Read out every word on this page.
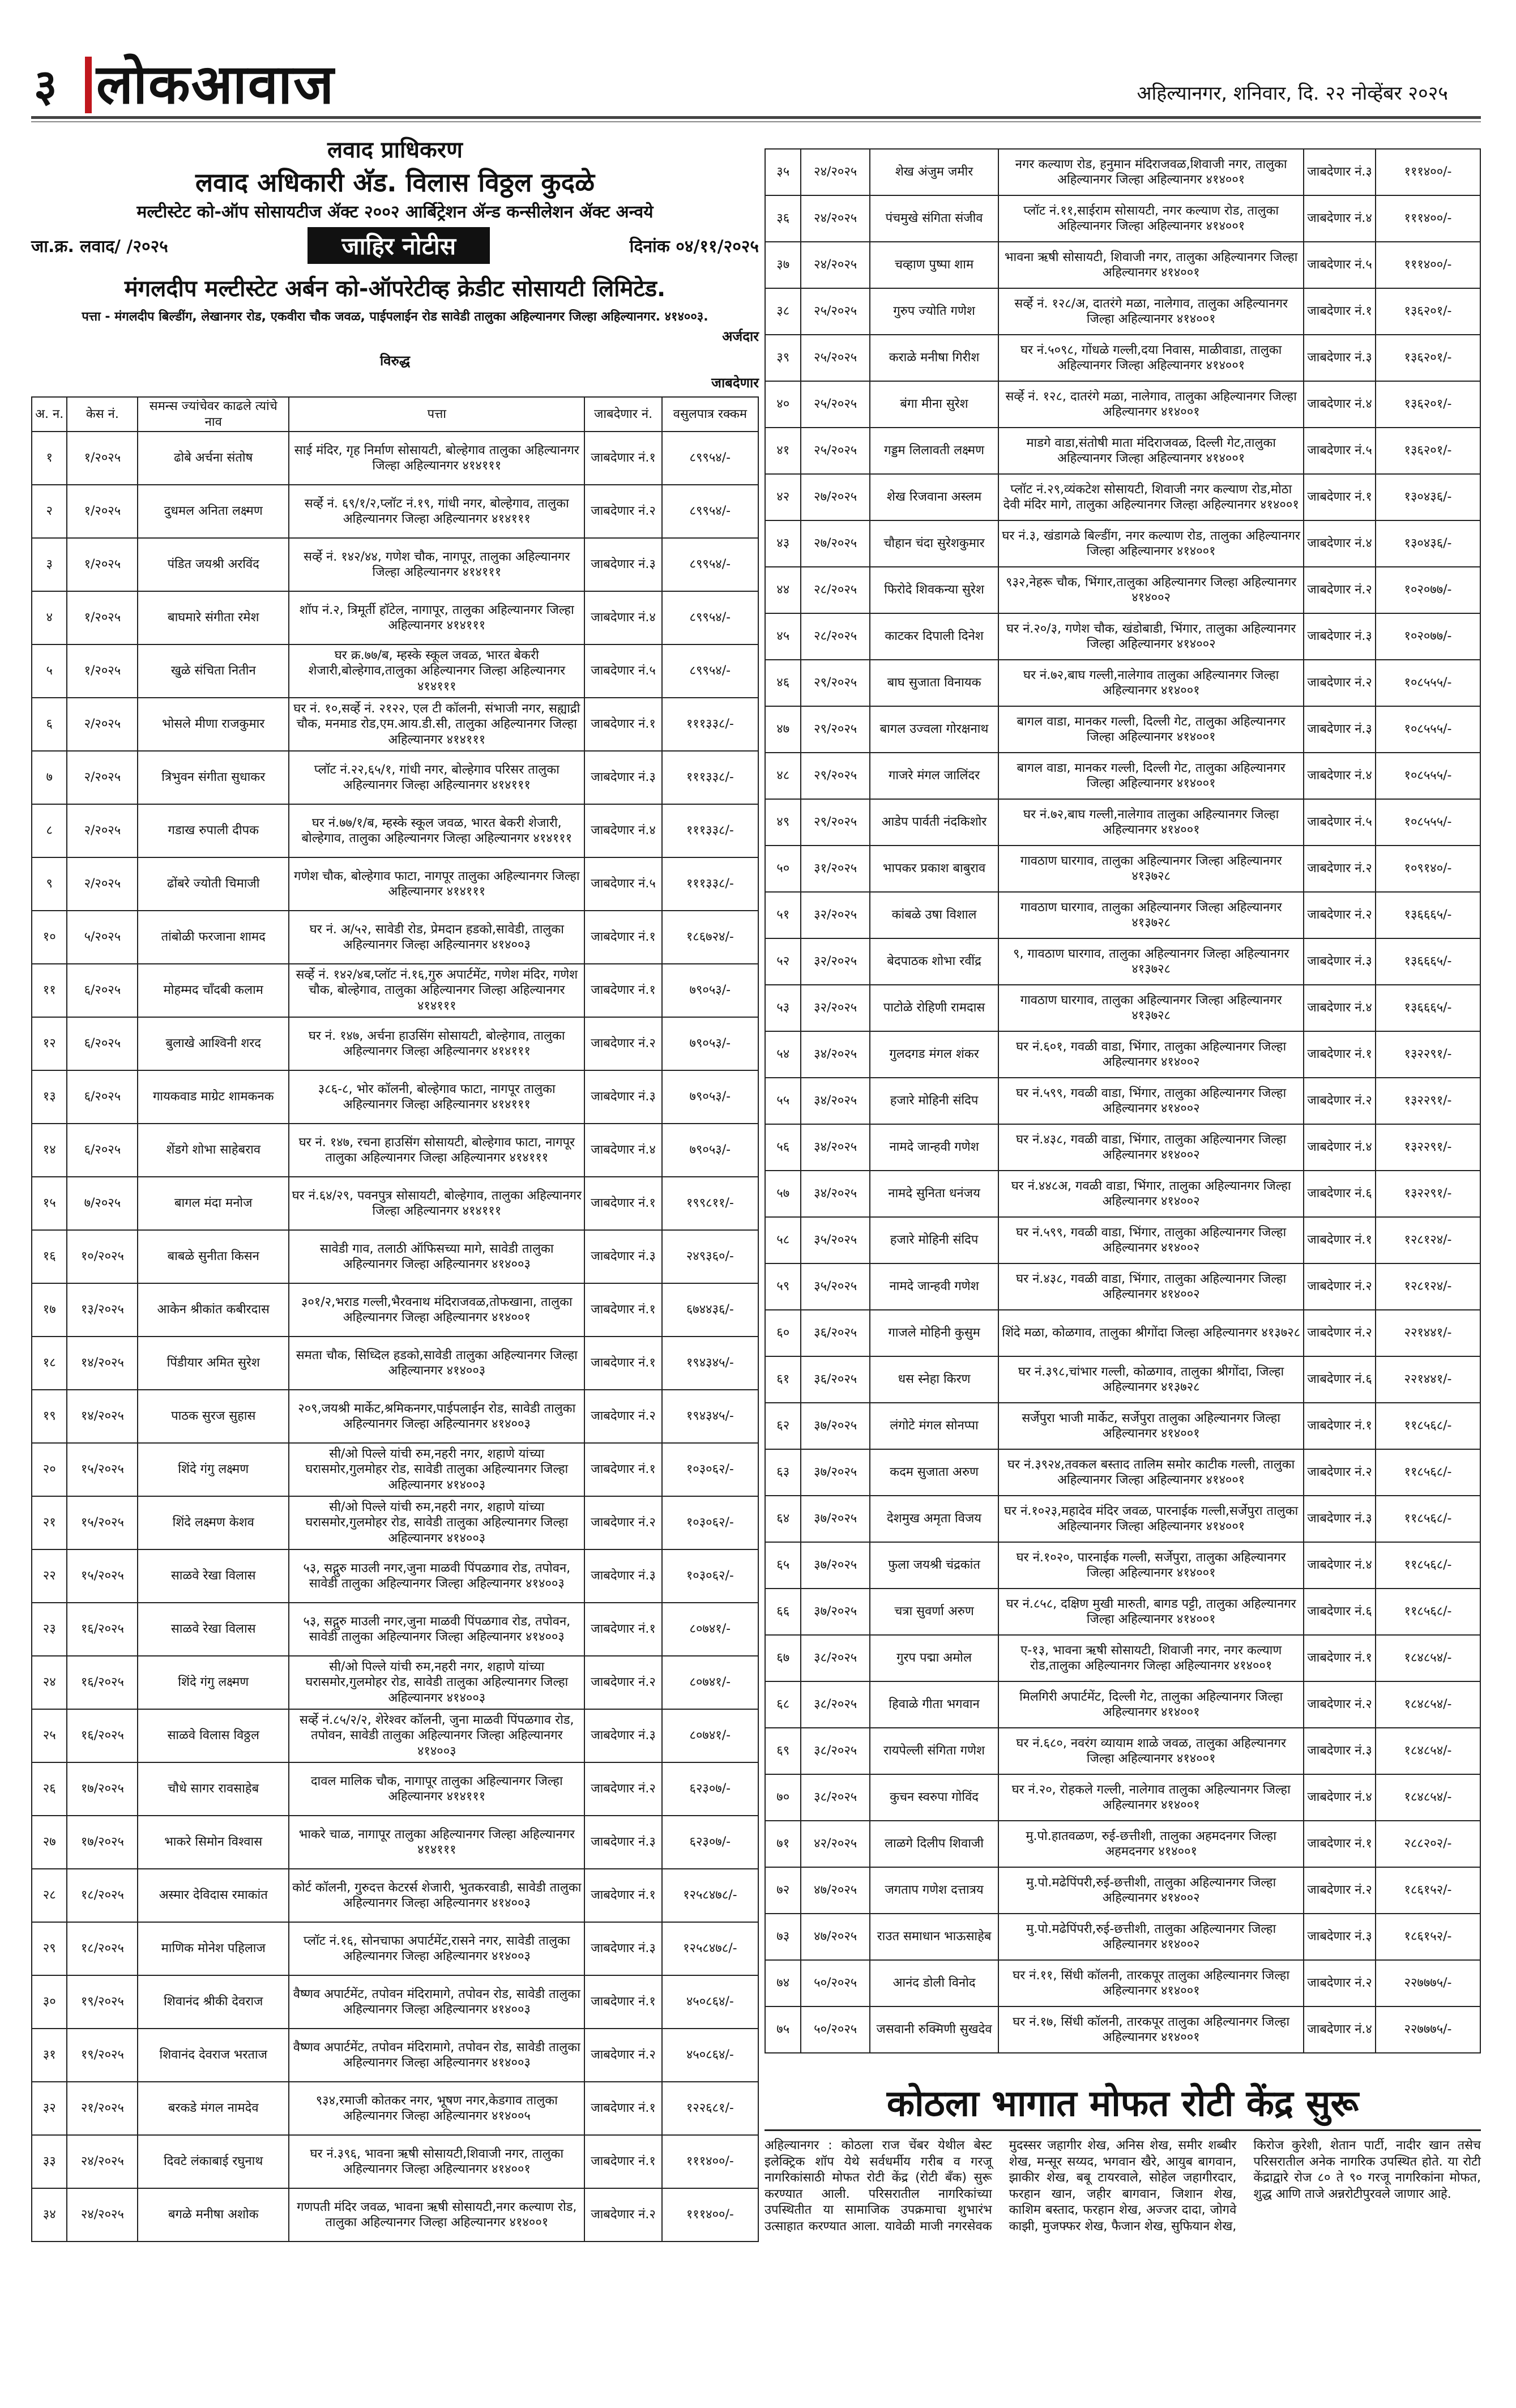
३ लोकआवाज	अहिल्यानगर, शनिवार, दि. २२ नोव्हेंबर २०२५
लवाद प्राधिकरण
लवाद अधिकारी अ‍ॅड. विलास विठ्ठल कुदळे
मल्टीस्टेट को-ऑप सोसायटीज ॲक्ट २००२ आर्बिट्रेशन ॲन्ड कन्सीलेशन ॲक्ट अन्वये
जा.क्र. लवाद/ /२०२५	जाहिर नोटीस	दिनांक ०४/११/२०२५
मंगलदीप मल्टीस्टेट अर्बन को-ऑपरेटीव्ह क्रेडीट सोसायटी लिमिटेड.
पत्ता - मंगलदीप बिल्डींग, लेखानगर रोड, एकवीरा चौक जवळ, पाईपलाईन रोड सावेडी तालुका अहिल्यानगर जिल्हा अहिल्यानगर. ४१४००३.
अर्जदार
विरुद्ध
जाबदेणार
अ. न.	केस नं.	समन्स ज्यांचेवर काढले त्यांचे नाव	पत्ता	जाबदेणार नं.	वसुलपात्र रक्कम
१	१/२०२५	ढोबे अर्चना संतोष	साई मंदिर, गृह निर्माण सोसायटी, बोल्हेगाव तालुका अहिल्यानगर जिल्हा अहिल्यानगर ४१४१११	जाबदेणार नं.१	८९९५४/-
२	१/२०२५	दुधमल अनिता लक्ष्मण	सर्व्हे नं. ६९/१/२,प्लॉट नं.१९, गांधी नगर, बोल्हेगाव, तालुका अहिल्यानगर जिल्हा अहिल्यानगर ४१४१११	जाबदेणार नं.२	८९९५४/-
३	१/२०२५	पंडित जयश्री अरविंद	सर्व्हे नं. १४२/४४, गणेश चौक, नागपूर, तालुका अहिल्यानगर जिल्हा अहिल्यानगर ४१४१११	जाबदेणार नं.३	८९९५४/-
४	१/२०२५	बाघमारे संगीता रमेश	शॉप नं.२, त्रिमूर्ती हॉटेल, नागापूर, तालुका अहिल्यानगर जिल्हा अहिल्यानगर ४१४१११	जाबदेणार नं.४	८९९५४/-
५	१/२०२५	खुळे संचिता नितीन	घर क्र.७७/ब, म्हस्के स्कूल जवळ, भारत बेकरी शेजारी,बोल्हेगाव,तालुका अहिल्यानगर जिल्हा अहिल्यानगर ४१४१११	जाबदेणार नं.५	८९९५४/-
६	२/२०२५	भोसले मीणा राजकुमार	घर नं. १०,सर्व्हे नं. २१२२, एल टी कॉलनी, संभाजी नगर, सह्याद्री चौक, मनमाड रोड,एम.आय.डी.सी, तालुका अहिल्यानगर जिल्हा अहिल्यानगर ४१४१११	जाबदेणार नं.१	१११३३८/-
७	२/२०२५	त्रिभुवन संगीता सुधाकर	प्लॉट नं.२२,६५/१, गांधी नगर, बोल्हेगाव परिसर तालुका अहिल्यानगर जिल्हा अहिल्यानगर ४१४१११	जाबदेणार नं.३	१११३३८/-
८	२/२०२५	गडाख रुपाली दीपक	घर नं.७७/१/ब, म्हस्के स्कूल जवळ, भारत बेकरी शेजारी, बोल्हेगाव, तालुका अहिल्यानगर जिल्हा अहिल्यानगर ४१४१११	जाबदेणार नं.४	१११३३८/-
९	२/२०२५	ढोंबरे ज्योती चिमाजी	गणेश चौक, बोल्हेगाव फाटा, नागपूर तालुका अहिल्यानगर जिल्हा अहिल्यानगर ४१४१११	जाबदेणार नं.५	१११३३८/-
१०	५/२०२५	तांबोळी फरजाना शामद	घर नं. अ/५२, सावेडी रोड, प्रेमदान हडको,सावेडी, तालुका अहिल्यानगर जिल्हा अहिल्यानगर ४१४००३	जाबदेणार नं.१	१८६७२४/-
११	६/२०२५	मोहम्मद चाँदबी कलाम	सर्व्हे नं. १४२/४ब,प्लॉट नं.१६,गुरु अपार्टमेंट, गणेश मंदिर, गणेश चौक, बोल्हेगाव, तालुका अहिल्यानगर जिल्हा अहिल्यानगर ४१४१११	जाबदेणार नं.१	७९०५३/-
१२	६/२०२५	बुलाखे आश्विनी शरद	घर नं. १४७, अर्चना हाउसिंग सोसायटी, बोल्हेगाव, तालुका अहिल्यानगर जिल्हा अहिल्यानगर ४१४१११	जाबदेणार नं.२	७९०५३/-
१३	६/२०२५	गायकवाड माग्रेट शामकनक	३८६-८, भोर कॉलनी, बोल्हेगाव फाटा, नागपूर तालुका अहिल्यानगर जिल्हा अहिल्यानगर ४१४१११	जाबदेणार नं.३	७९०५३/-
१४	६/२०२५	शेंडगे शोभा साहेबराव	घर नं. १४७, रचना हाउसिंग सोसायटी, बोल्हेगाव फाटा, नागपूर तालुका अहिल्यानगर जिल्हा अहिल्यानगर ४१४१११	जाबदेणार नं.४	७९०५३/-
१५	७/२०२५	बागल मंदा मनोज	घर नं.६४/२९, पवनपुत्र सोसायटी, बोल्हेगाव, तालुका अहिल्यानगर जिल्हा अहिल्यानगर ४१४१११	जाबदेणार नं.१	१९९८११/-
१६	१०/२०२५	बाबळे सुनीता किसन	सावेडी गाव, तलाठी ऑफिसच्या मागे, सावेडी तालुका अहिल्यानगर जिल्हा अहिल्यानगर ४१४००३	जाबदेणार नं.३	२४९३६०/-
१७	१३/२०२५	आकेन श्रीकांत कबीरदास	३०१/२,भराड गल्ली,भैरवनाथ मंदिराजवळ,तोफखाना, तालुका अहिल्यानगर जिल्हा अहिल्यानगर ४१४००१	जाबदेणार नं.१	६७४४३६/-
१८	१४/२०२५	पिंडीयार अमित सुरेश	समता चौक, सिध्दिल हडको,सावेडी तालुका अहिल्यानगर जिल्हा अहिल्यानगर ४१४००३	जाबदेणार नं.१	१९४३४५/-
१९	१४/२०२५	पाठक सुरज सुहास	२०९,जयश्री मार्केट,श्रमिकनगर,पाईपलाईन रोड, सावेडी तालुका अहिल्यानगर जिल्हा अहिल्यानगर ४१४००३	जाबदेणार नं.२	१९४३४५/-
२०	१५/२०२५	शिंदे गंगु लक्ष्मण	सी/ओ पिल्ले यांची रुम,नहरी नगर, शहाणे यांच्या घरासमोर,गुलमोहर रोड, सावेडी तालुका अहिल्यानगर जिल्हा अहिल्यानगर ४१४००३	जाबदेणार नं.१	१०३०६२/-
२१	१५/२०२५	शिंदे लक्ष्मण केशव	सी/ओ पिल्ले यांची रुम,नहरी नगर, शहाणे यांच्या घरासमोर,गुलमोहर रोड, सावेडी तालुका अहिल्यानगर जिल्हा अहिल्यानगर ४१४००३	जाबदेणार नं.२	१०३०६२/-
२२	१५/२०२५	साळवे रेखा विलास	५३, सद्गुरु माउली नगर,जुना माळवी पिंपळगाव रोड, तपोवन, सावेडी तालुका अहिल्यानगर जिल्हा अहिल्यानगर ४१४००३	जाबदेणार नं.३	१०३०६२/-
२३	१६/२०२५	साळवे रेखा विलास	५३, सद्गुरु माउली नगर,जुना माळवी पिंपळगाव रोड, तपोवन, सावेडी तालुका अहिल्यानगर जिल्हा अहिल्यानगर ४१४००३	जाबदेणार नं.१	८०७४१/-
२४	१६/२०२५	शिंदे गंगु लक्ष्मण	सी/ओ पिल्ले यांची रुम,नहरी नगर, शहाणे यांच्या घरासमोर,गुलमोहर रोड, सावेडी तालुका अहिल्यानगर जिल्हा अहिल्यानगर ४१४००३	जाबदेणार नं.२	८०७४१/-
२५	१६/२०२५	साळवे विलास विठ्ठल	सर्व्हे नं.८५/२/२, शेरेश्वर कॉलनी, जुना माळवी पिंपळगाव रोड, तपोवन, सावेडी तालुका अहिल्यानगर जिल्हा अहिल्यानगर ४१४००३	जाबदेणार नं.३	८०७४१/-
२६	१७/२०२५	चौधे सागर रावसाहेब	दावल मालिक चौक, नागापूर तालुका अहिल्यानगर जिल्हा अहिल्यानगर ४१४१११	जाबदेणार नं.२	६२३०७/-
२७	१७/२०२५	भाकरे सिमोन विश्वास	भाकरे चाळ, नागापूर तालुका अहिल्यानगर जिल्हा अहिल्यानगर ४१४१११	जाबदेणार नं.३	६२३०७/-
२८	१८/२०२५	अस्मार देविदास रमाकांत	कोर्ट कॉलनी, गुरुदत्त केटरर्स शेजारी, भुतकरवाडी, सावेडी तालुका अहिल्यानगर जिल्हा अहिल्यानगर ४१४००३	जाबदेणार नं.१	१२५८४७८/-
२९	१८/२०२५	माणिक मोनेश पहिलाज	प्लॉट नं.१६, सोनचाफा अपार्टमेंट,रासने नगर, सावेडी तालुका अहिल्यानगर जिल्हा अहिल्यानगर ४१४००३	जाबदेणार नं.३	१२५८४७८/-
३०	१९/२०२५	शिवानंद श्रीकी देवराज	वैष्णव अपार्टमेंट, तपोवन मंदिरामागे, तपोवन रोड, सावेडी तालुका अहिल्यानगर जिल्हा अहिल्यानगर ४१४००३	जाबदेणार नं.१	४५०८६४/-
३१	१९/२०२५	शिवानंद देवराज भरताज	वैष्णव अपार्टमेंट, तपोवन मंदिरामागे, तपोवन रोड, सावेडी तालुका अहिल्यानगर जिल्हा अहिल्यानगर ४१४००३	जाबदेणार नं.२	४५०८६४/-
३२	२१/२०२५	बरकडे मंगल नामदेव	९३४,रमाजी कोतकर नगर, भूषण नगर,केडगाव तालुका अहिल्यानगर जिल्हा अहिल्यानगर ४१४००५	जाबदेणार नं.१	१२२६८१/-
३३	२४/२०२५	दिवटे लंकाबाई रघुनाथ	घर नं.३९६, भावना ऋषी सोसायटी,शिवाजी नगर, तालुका अहिल्यानगर जिल्हा अहिल्यानगर ४१४००१	जाबदेणार नं.१	१११४००/-
३४	२४/२०२५	बगळे मनीषा अशोक	गणपती मंदिर जवळ, भावना ऋषी सोसायटी,नगर कल्याण रोड, तालुका अहिल्यानगर जिल्हा अहिल्यानगर ४१४००१	जाबदेणार नं.२	१११४००/-
३५	२४/२०२५	शेख अंजुम जमीर	नगर कल्याण रोड, हनुमान मंदिराजवळ,शिवाजी नगर, तालुका अहिल्यानगर जिल्हा अहिल्यानगर ४१४००१	जाबदेणार नं.३	१११४००/-
३६	२४/२०२५	पंचमुखे संगिता संजीव	प्लॉट नं.११,साईराम सोसायटी, नगर कल्याण रोड, तालुका अहिल्यानगर जिल्हा अहिल्यानगर ४१४००१	जाबदेणार नं.४	१११४००/-
३७	२४/२०२५	चव्हाण पुष्पा शाम	भावना ऋषी सोसायटी, शिवाजी नगर, तालुका अहिल्यानगर जिल्हा अहिल्यानगर ४१४००१	जाबदेणार नं.५	१११४००/-
३८	२५/२०२५	गुरुप ज्योति गणेश	सर्व्हे नं. १२८/अ, दातरंगे मळा, नालेगाव, तालुका अहिल्यानगर जिल्हा अहिल्यानगर ४१४००१	जाबदेणार नं.१	१३६२०१/-
३९	२५/२०२५	कराळे मनीषा गिरीश	घर नं.५०९८, गोंधळे गल्ली,दया निवास, माळीवाडा, तालुका अहिल्यानगर जिल्हा अहिल्यानगर ४१४००१	जाबदेणार नं.३	१३६२०१/-
४०	२५/२०२५	बंगा मीना सुरेश	सर्व्हे नं. १२८, दातरंगे मळा, नालेगाव, तालुका अहिल्यानगर जिल्हा अहिल्यानगर ४१४००१	जाबदेणार नं.४	१३६२०१/-
४१	२५/२०२५	गड्डम लिलावती लक्ष्मण	माडगे वाडा,संतोषी माता मंदिराजवळ, दिल्ली गेट,तालुका अहिल्यानगर जिल्हा अहिल्यानगर ४१४००१	जाबदेणार नं.५	१३६२०१/-
४२	२७/२०२५	शेख रिजवाना अस्लम	प्लॉट नं.२९,व्यंकटेश सोसायटी, शिवाजी नगर कल्याण रोड,मोठा देवी मंदिर मागे, तालुका अहिल्यानगर जिल्हा अहिल्यानगर ४१४००१	जाबदेणार नं.१	१३०४३६/-
४३	२७/२०२५	चौहान चंदा सुरेशकुमार	घर नं.३, खंडागळे बिल्डींग, नगर कल्याण रोड, तालुका अहिल्यानगर जिल्हा अहिल्यानगर ४१४००१	जाबदेणार नं.४	१३०४३६/-
४४	२८/२०२५	फिरोदे शिवकन्या सुरेश	९३२,नेहरू चौक, भिंगार,तालुका अहिल्यानगर जिल्हा अहिल्यानगर ४१४००२	जाबदेणार नं.२	१०२०७७/-
४५	२८/२०२५	काटकर दिपाली दिनेश	घर नं.२०/३, गणेश चौक, खंडोबाडी, भिंगार, तालुका अहिल्यानगर जिल्हा अहिल्यानगर ४१४००२	जाबदेणार नं.३	१०२०७७/-
४६	२९/२०२५	बाघ सुजाता विनायक	घर नं.७२,बाघ गल्ली,नालेगाव तालुका अहिल्यानगर जिल्हा अहिल्यानगर ४१४००१	जाबदेणार नं.२	१०८५५५/-
४७	२९/२०२५	बागल उज्वला गोरक्षनाथ	बागल वाडा, मानकर गल्ली, दिल्ली गेट, तालुका अहिल्यानगर जिल्हा अहिल्यानगर ४१४००१	जाबदेणार नं.३	१०८५५५/-
४८	२९/२०२५	गाजरे मंगल जालिंदर	बागल वाडा, मानकर गल्ली, दिल्ली गेट, तालुका अहिल्यानगर जिल्हा अहिल्यानगर ४१४००१	जाबदेणार नं.४	१०८५५५/-
४९	२९/२०२५	आडेप पार्वती नंदकिशोर	घर नं.७२,बाघ गल्ली,नालेगाव तालुका अहिल्यानगर जिल्हा अहिल्यानगर ४१४००१	जाबदेणार नं.५	१०८५५५/-
५०	३१/२०२५	भापकर प्रकाश बाबुराव	गावठाण घारगाव, तालुका अहिल्यानगर जिल्हा अहिल्यानगर ४१३७२८	जाबदेणार नं.२	१०९१४०/-
५१	३२/२०२५	कांबळे उषा विशाल	गावठाण घारगाव, तालुका अहिल्यानगर जिल्हा अहिल्यानगर ४१३७२८	जाबदेणार नं.२	१३६६६५/-
५२	३२/२०२५	बेदपाठक शोभा रवींद्र	९, गावठाण घारगाव, तालुका अहिल्यानगर जिल्हा अहिल्यानगर ४१३७२८	जाबदेणार नं.३	१३६६६५/-
५३	३२/२०२५	पाटोळे रोहिणी रामदास	गावठाण घारगाव, तालुका अहिल्यानगर जिल्हा अहिल्यानगर ४१३७२८	जाबदेणार नं.४	१३६६६५/-
५४	३४/२०२५	गुलदगड मंगल शंकर	घर नं.६०१, गवळी वाडा, भिंगार, तालुका अहिल्यानगर जिल्हा अहिल्यानगर ४१४००२	जाबदेणार नं.१	१३२२९१/-
५५	३४/२०२५	हजारे मोहिनी संदिप	घर नं.५९९, गवळी वाडा, भिंगार, तालुका अहिल्यानगर जिल्हा अहिल्यानगर ४१४००२	जाबदेणार नं.२	१३२२९१/-
५६	३४/२०२५	नामदे जान्हवी गणेश	घर नं.४३८, गवळी वाडा, भिंगार, तालुका अहिल्यानगर जिल्हा अहिल्यानगर ४१४००२	जाबदेणार नं.४	१३२२९१/-
५७	३४/२०२५	नामदे सुनिता धनंजय	घर नं.४४८अ, गवळी वाडा, भिंगार, तालुका अहिल्यानगर जिल्हा अहिल्यानगर ४१४००२	जाबदेणार नं.६	१३२२९१/-
५८	३५/२०२५	हजारे मोहिनी संदिप	घर नं.५९९, गवळी वाडा, भिंगार, तालुका अहिल्यानगर जिल्हा अहिल्यानगर ४१४००२	जाबदेणार नं.१	१२८१२४/-
५९	३५/२०२५	नामदे जान्हवी गणेश	घर नं.४३८, गवळी वाडा, भिंगार, तालुका अहिल्यानगर जिल्हा अहिल्यानगर ४१४००२	जाबदेणार नं.२	१२८१२४/-
६०	३६/२०२५	गाजले मोहिनी कुसुम	शिंदे मळा, कोळगाव, तालुका श्रीगोंदा जिल्हा अहिल्यानगर ४१३७२८	जाबदेणार नं.२	२२१४४१/-
६१	३६/२०२५	धस स्नेहा किरण	घर नं.३९८,चांभार गल्ली, कोळगाव, तालुका श्रीगोंदा, जिल्हा अहिल्यानगर ४१३७२८	जाबदेणार नं.६	२२१४४१/-
६२	३७/२०२५	लंगोटे मंगल सोनप्पा	सर्जेपुरा भाजी मार्केट, सर्जेपुरा तालुका अहिल्यानगर जिल्हा अहिल्यानगर ४१४००१	जाबदेणार नं.१	११८५६८/-
६३	३७/२०२५	कदम सुजाता अरुण	घर नं.३९२४,तवकल बस्ताद तालिम समोर काटीक गल्ली, तालुका अहिल्यानगर जिल्हा अहिल्यानगर ४१४००१	जाबदेणार नं.२	११८५६८/-
६४	३७/२०२५	देशमुख अमृता विजय	घर नं.१०२३,महादेव मंदिर जवळ, पारनाईक गल्ली,सर्जेपुरा तालुका अहिल्यानगर जिल्हा अहिल्यानगर ४१४००१	जाबदेणार नं.३	११८५६८/-
६५	३७/२०२५	फुला जयश्री चंद्रकांत	घर नं.१०२०, पारनाईक गल्ली, सर्जेपुरा, तालुका अहिल्यानगर जिल्हा अहिल्यानगर ४१४००१	जाबदेणार नं.४	११८५६८/-
६६	३७/२०२५	चत्रा सुवर्णा अरुण	घर नं.८५८, दक्षिण मुखी मारुती, बागड पट्टी, तालुका अहिल्यानगर जिल्हा अहिल्यानगर ४१४००१	जाबदेणार नं.६	११८५६८/-
६७	३८/२०२५	गुरप पद्मा अमोल	ए-१३, भावना ऋषी सोसायटी, शिवाजी नगर, नगर कल्याण रोड,तालुका अहिल्यानगर जिल्हा अहिल्यानगर ४१४००१	जाबदेणार नं.१	१८४८५४/-
६८	३८/२०२५	हिवाळे गीता भगवान	मिलगिरी अपार्टमेंट, दिल्ली गेट, तालुका अहिल्यानगर जिल्हा अहिल्यानगर ४१४००१	जाबदेणार नं.२	१८४८५४/-
६९	३८/२०२५	रायपेल्ली संगिता गणेश	घर नं.६८०, नवरंग व्यायाम शाळे जवळ, तालुका अहिल्यानगर जिल्हा अहिल्यानगर ४१४००१	जाबदेणार नं.३	१८४८५४/-
७०	३८/२०२५	कुचन स्वरुपा गोविंद	घर नं.२०, रोहकले गल्ली, नालेगाव तालुका अहिल्यानगर जिल्हा अहिल्यानगर ४१४००१	जाबदेणार नं.४	१८४८५४/-
७१	४२/२०२५	लाळगे दिलीप शिवाजी	मु.पो.हातवळण, रुई-छत्तीशी, तालुका अहमदनगर जिल्हा अहमदनगर ४१४००१	जाबदेणार नं.१	२८८२०२/-
७२	४७/२०२५	जगताप गणेश दत्तात्रय	मु.पो.मढेपिंपरी,रुई-छत्तीशी, तालुका अहिल्यानगर जिल्हा अहिल्यानगर ४१४००२	जाबदेणार नं.२	१८६१५२/-
७३	४७/२०२५	राउत समाधान भाऊसाहेब	मु.पो.मढेपिंपरी,रुई-छत्तीशी, तालुका अहिल्यानगर जिल्हा अहिल्यानगर ४१४००२	जाबदेणार नं.३	१८६१५२/-
७४	५०/२०२५	आनंद डोली विनोद	घर नं.११, सिंधी कॉलनी, तारकपूर तालुका अहिल्यानगर जिल्हा अहिल्यानगर ४१४००१	जाबदेणार नं.२	२२७७७५/-
७५	५०/२०२५	जसवानी रुक्मिणी सुखदेव	घर नं.१७, सिंधी कॉलनी, तारकपूर तालुका अहिल्यानगर जिल्हा अहिल्यानगर ४१४००१	जाबदेणार नं.४	२२७७७५/-
कोठला भागात मोफत रोटी केंद्र सुरू
अहिल्यानगर : कोठला राज चेंबर येथील बेस्ट इलेक्ट्रिक शॉप येथे सर्वधर्मीय गरीब व गरजू नागरिकांसाठी मोफत रोटी केंद्र (रोटी बँक) सुरू करण्यात आली. परिसरातील नागरिकांच्या उपस्थितीत या सामाजिक उपक्रमाचा शुभारंभ उत्साहात करण्यात आला. यावेळी माजी नगरसेवक मुदस्सर जहागीर शेख, अनिस शेख, समीर शब्बीर शेख, मन्सूर सय्यद, भगवान खैरे, आयुब बागवान, झाकीर शेख, बबू टायरवाले, सोहेल जहागीरदार, फरहान खान, जहीर बागवान, जिशान शेख, काशिम बस्ताद, फरहान शेख, अज्जर दादा, जोगवे काझी, मुजफ्फर शेख, फैजान शेख, सुफियान शेख, किरोज कुरेशी, शेतान पार्टी, नादीर खान तसेच परिसरातील अनेक नागरिक उपस्थित होते. या रोटी केंद्राद्वारे रोज ८० ते ९० गरजू नागरिकांना मोफत, शुद्ध आणि ताजे अन्नरोटीपुरवले जाणार आहे.
